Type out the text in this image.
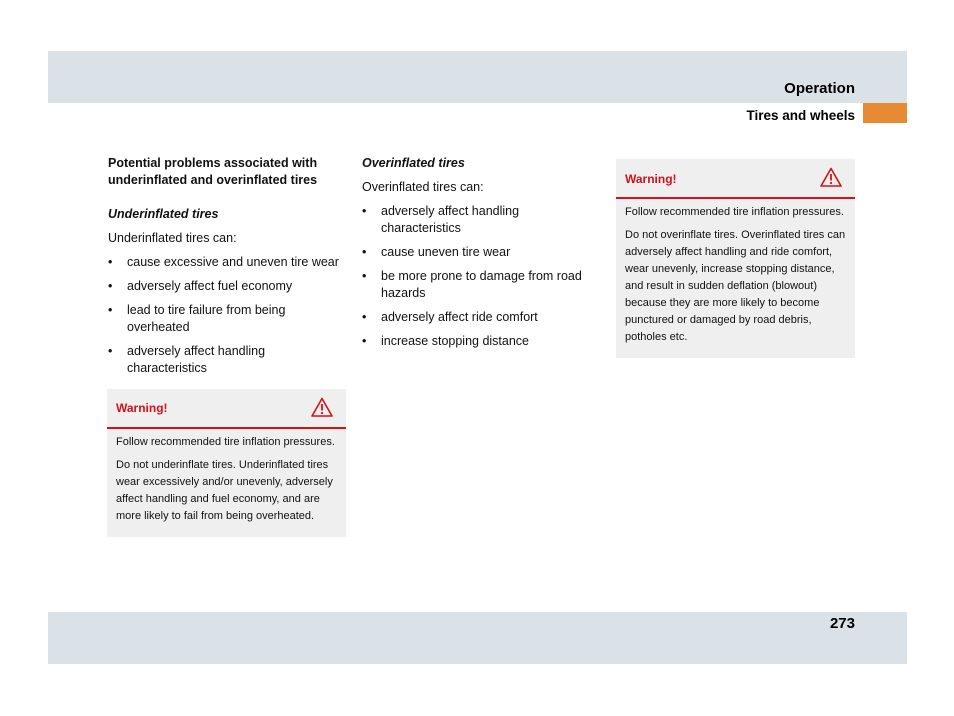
Operation
Tires and wheels

Potential problems associated with underinflated and overinflated tires

Underinflated tires

Underinflated tires can:

• cause excessive and uneven tire wear
• adversely affect fuel economy
• lead to tire failure from being overheated
• adversely affect handling characteristics
Warning!

Follow recommended tire inflation pressures.

Do not underinflate tires. Underinflated tires wear excessively and/or unevenly, adversely affect handling and fuel economy, and are more likely to fail from being overheated.

Overinflated tires

Overinflated tires can:

• adversely affect handling characteristics
• cause uneven tire wear
• be more prone to damage from road hazards
• adversely affect ride comfort
• increase stopping distance
Warning!

Follow recommended tire inflation pressures.

Do not overinflate tires. Overinflated tires can adversely affect handling and ride comfort, wear unevenly, increase stopping distance, and result in sudden deflation (blowout) because they are more likely to become punctured or damaged by road debris, potholes etc.

273
